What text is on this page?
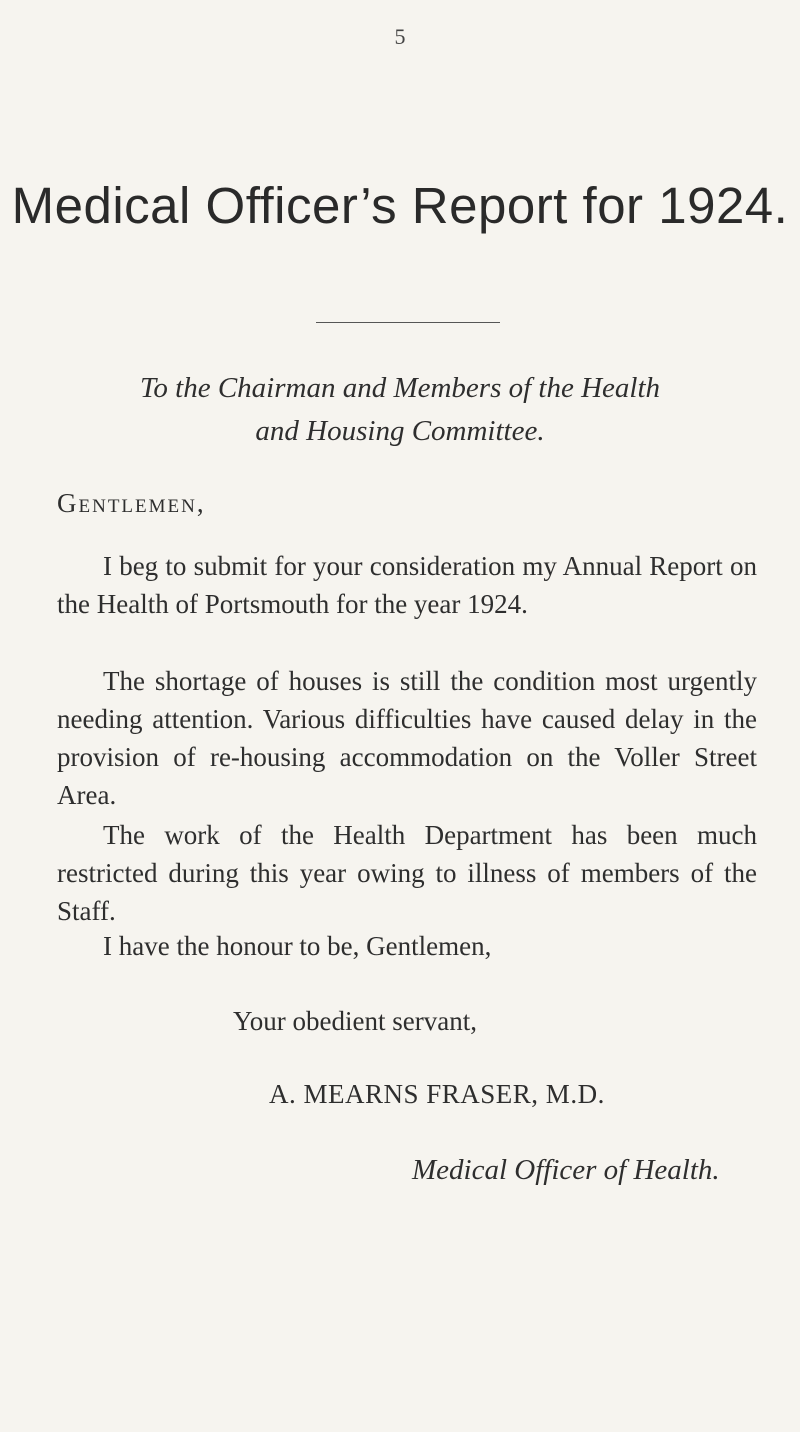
5
Medical Officer’s Report for 1924.
To the Chairman and Members of the Health
and Housing Committee.
Gentlemen,
I beg to submit for your consideration my Annual Report on the Health of Portsmouth for the year 1924.
The shortage of houses is still the condition most urgently needing attention. Various difficulties have caused delay in the provision of re-housing accommodation on the Voller Street Area.
The work of the Health Department has been much restricted during this year owing to illness of members of the Staff.
I have the honour to be, Gentlemen,
Your obedient servant,
A. MEARNS FRASER, M.D.
Medical Officer of Health.
